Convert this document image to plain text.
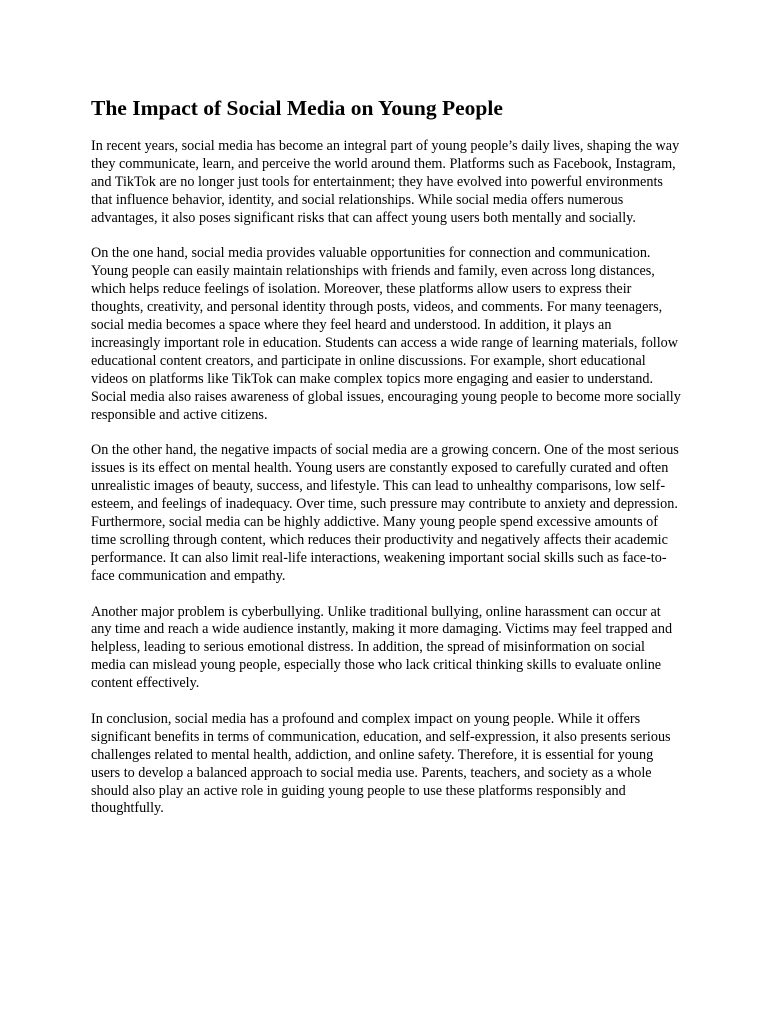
The Impact of Social Media on Young People

In recent years, social media has become an integral part of young people’s daily lives, shaping the way they communicate, learn, and perceive the world around them. Platforms such as Facebook, Instagram, and TikTok are no longer just tools for entertainment; they have evolved into powerful environments that influence behavior, identity, and social relationships. While social media offers numerous advantages, it also poses significant risks that can affect young users both mentally and socially.

On the one hand, social media provides valuable opportunities for connection and communication. Young people can easily maintain relationships with friends and family, even across long distances, which helps reduce feelings of isolation. Moreover, these platforms allow users to express their thoughts, creativity, and personal identity through posts, videos, and comments. For many teenagers, social media becomes a space where they feel heard and understood. In addition, it plays an increasingly important role in education. Students can access a wide range of learning materials, follow educational content creators, and participate in online discussions. For example, short educational videos on platforms like TikTok can make complex topics more engaging and easier to understand. Social media also raises awareness of global issues, encouraging young people to become more socially responsible and active citizens.

On the other hand, the negative impacts of social media are a growing concern. One of the most serious issues is its effect on mental health. Young users are constantly exposed to carefully curated and often unrealistic images of beauty, success, and lifestyle. This can lead to unhealthy comparisons, low self-esteem, and feelings of inadequacy. Over time, such pressure may contribute to anxiety and depression. Furthermore, social media can be highly addictive. Many young people spend excessive amounts of time scrolling through content, which reduces their productivity and negatively affects their academic performance. It can also limit real-life interactions, weakening important social skills such as face-to-face communication and empathy.

Another major problem is cyberbullying. Unlike traditional bullying, online harassment can occur at any time and reach a wide audience instantly, making it more damaging. Victims may feel trapped and helpless, leading to serious emotional distress. In addition, the spread of misinformation on social media can mislead young people, especially those who lack critical thinking skills to evaluate online content effectively.

In conclusion, social media has a profound and complex impact on young people. While it offers significant benefits in terms of communication, education, and self-expression, it also presents serious challenges related to mental health, addiction, and online safety. Therefore, it is essential for young users to develop a balanced approach to social media use. Parents, teachers, and society as a whole should also play an active role in guiding young people to use these platforms responsibly and thoughtfully.
